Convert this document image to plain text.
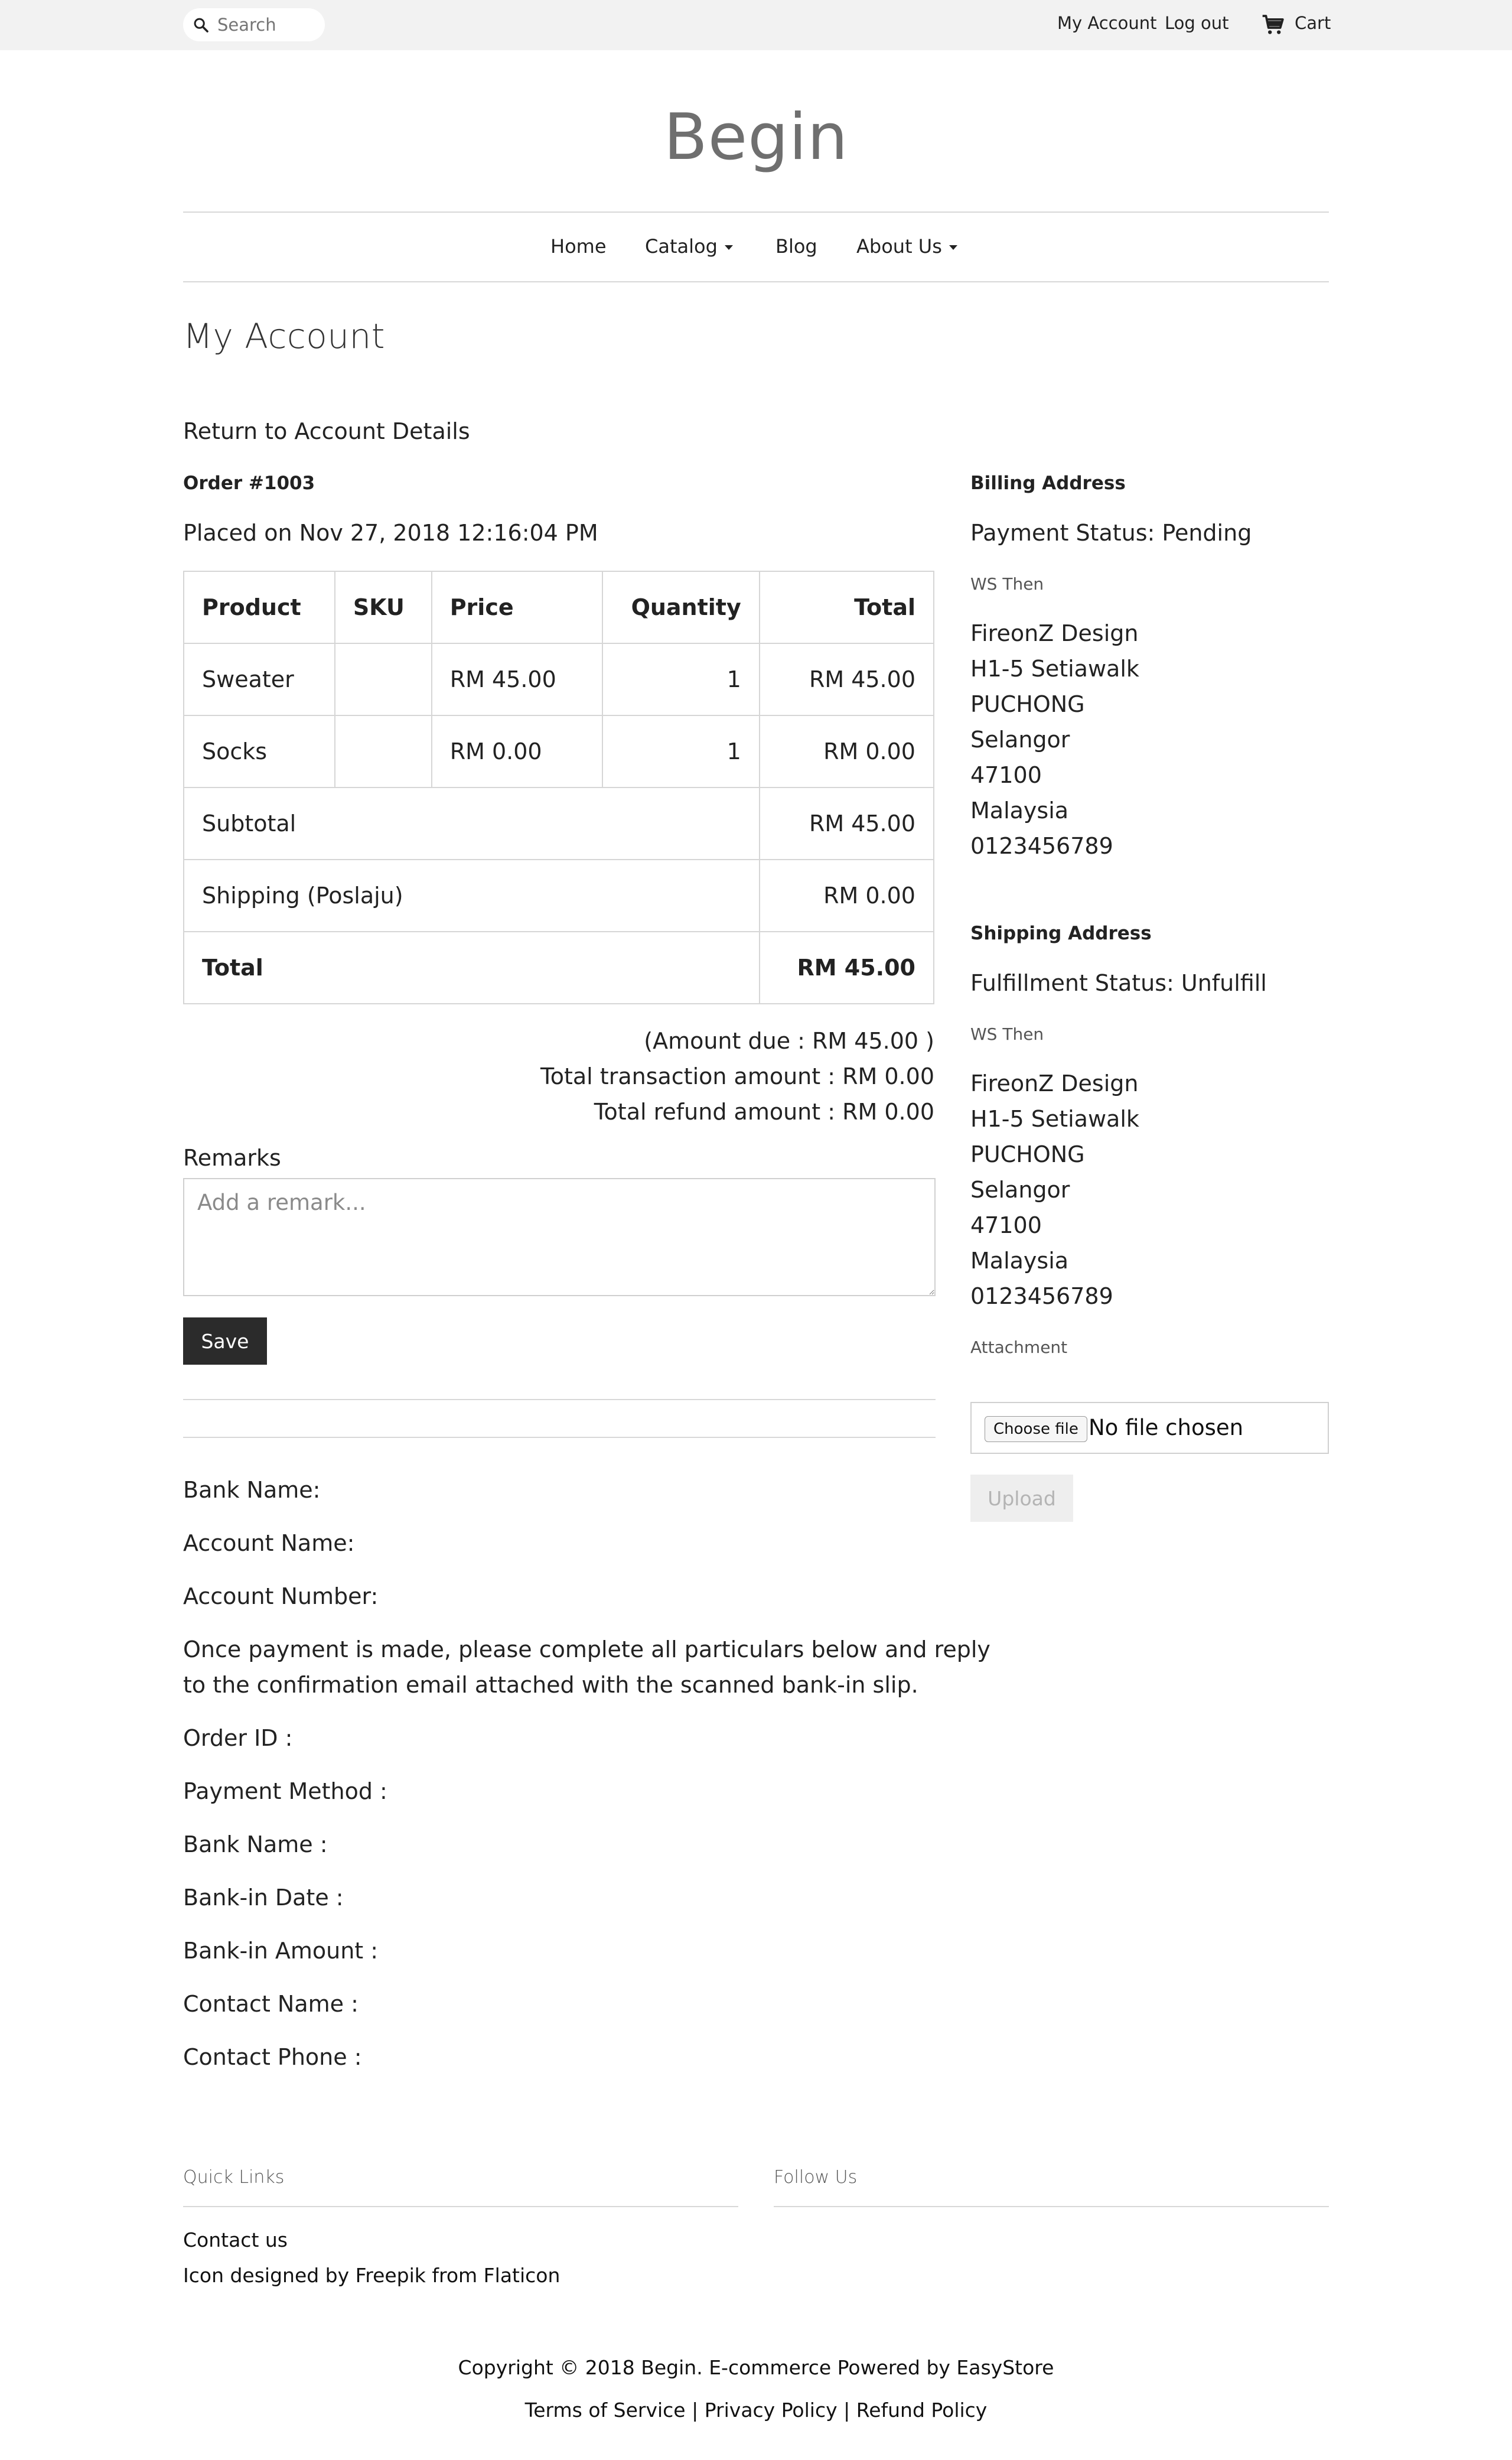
Search
My Account Log out	Cart
Begin
Home Catalog	Blog About Us
My Account
Return to Account Details
Order #1003
Placed on Nov 27, 2018 12:16:04 PM
Product	SKU	Price	Quantity	Total
Sweater		RM 45.00	1	RM 45.00
Socks		RM 0.00	1	RM 0.00
Subtotal				RM 45.00
Shipping (Poslaju)				RM 0.00
Total				RM 45.00
(Amount due : RM 45.00 )
Total transaction amount : RM 0.00
Total refund amount : RM 0.00
Remarks
Add a remark...
Save
Bank Name:
Account Name:
Account Number:
Once payment is made, please complete all particulars below and reply
to the confirmation email attached with the scanned bank-in slip.
Order ID :
Payment Method :
Bank Name :
Bank-in Date :
Bank-in Amount :
Contact Name :
Contact Phone :
Billing Address
Payment Status: Pending
WS Then
FireonZ Design
H1-5 Setiawalk
PUCHONG
Selangor
47100
Malaysia
0123456789
Shipping Address
Fulfillment Status: Unfulfill
WS Then
FireonZ Design
H1-5 Setiawalk
PUCHONG
Selangor
47100
Malaysia
0123456789
Attachment
Choose file No file chosen
Upload
Quick Links	Follow Us
Contact us
Icon designed by Freepik from Flaticon
Copyright © 2018 Begin. E-commerce Powered by EasyStore
Terms of Service | Privacy Policy | Refund Policy
